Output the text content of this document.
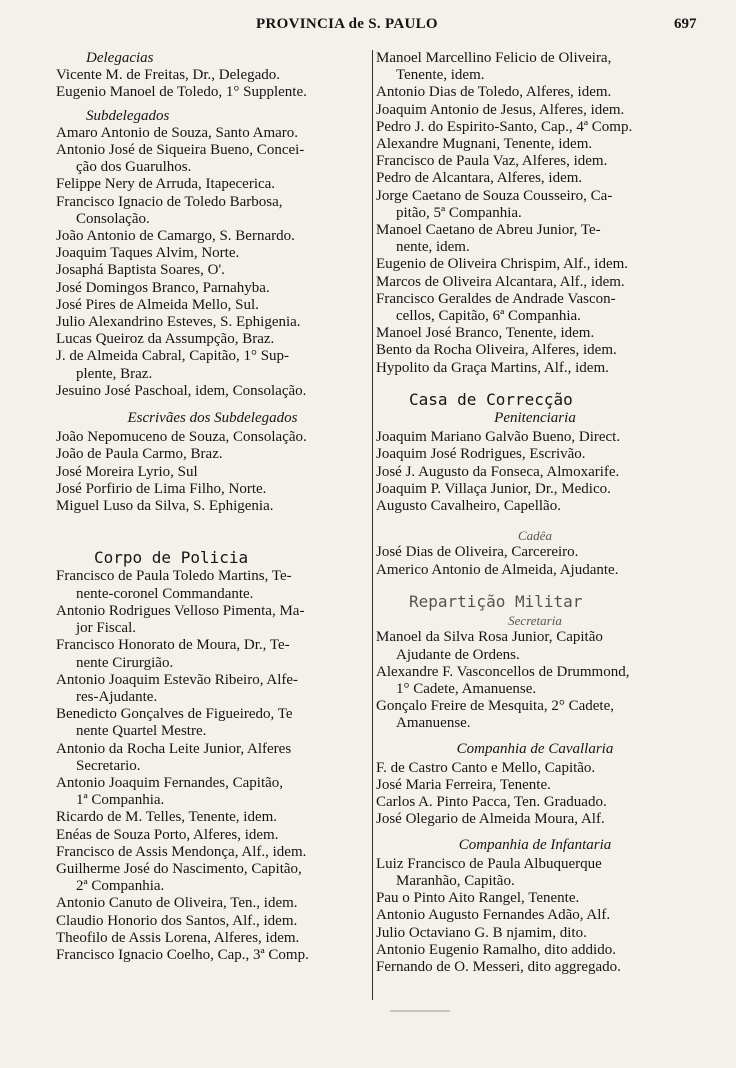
PROVINCIA de S. PAULO	697
Delegacias
Vicente M. de Freitas, Dr., Delegado.
Eugenio Manoel de Toledo, 1° Supplente.
Subdelegados
Amaro Antonio de Souza, Santo Amaro.
Antonio José de Siqueira Bueno, Concei-
ção dos Guarulhos.
Felippe Nery de Arruda, Itapecerica.
Francisco Ignacio de Toledo Barbosa,
Consolação.
João Antonio de Camargo, S. Bernardo.
Joaquim Taques Alvim, Norte.
Josaphá Baptista Soares, O'.
José Domingos Branco, Parnahyba.
José Pires de Almeida Mello, Sul.
Julio Alexandrino Esteves, S. Ephigenia.
Lucas Queiroz da Assumpção, Braz.
J. de Almeida Cabral, Capitão, 1° Sup-
plente, Braz.
Jesuino José Paschoal, idem, Consolação.
Escrivães dos Subdelegados
João Nepomuceno de Souza, Consolação.
João de Paula Carmo, Braz.
José Moreira Lyrio, Sul
José Porfirio de Lima Filho, Norte.
Miguel Luso da Silva, S. Ephigenia.
Corpo de Policia
Francisco de Paula Toledo Martins, Te-
nente-coronel Commandante.
Antonio Rodrigues Velloso Pimenta, Ma-
jor Fiscal.
Francisco Honorato de Moura, Dr., Te-
nente Cirurgião.
Antonio Joaquim Estevão Ribeiro, Alfe-
res-Ajudante.
Benedicto Gonçalves de Figueiredo, Te
nente Quartel Mestre.
Antonio da Rocha Leite Junior, Alferes
Secretario.
Antonio Joaquim Fernandes, Capitão,
1ª Companhia.
Ricardo de M. Telles, Tenente, idem.
Enéas de Souza Porto, Alferes, idem.
Francisco de Assis Mendonça, Alf., idem.
Guilherme José do Nascimento, Capitão,
2ª Companhia.
Antonio Canuto de Oliveira, Ten., idem.
Claudio Honorio dos Santos, Alf., idem.
Theofilo de Assis Lorena, Alferes, idem.
Francisco Ignacio Coelho, Cap., 3ª Comp.
Manoel Marcellino Felicio de Oliveira,
Tenente, idem.
Antonio Dias de Toledo, Alferes, idem.
Joaquim Antonio de Jesus, Alferes, idem.
Pedro J. do Espirito-Santo, Cap., 4ª Comp.
Alexandre Mugnani, Tenente, idem.
Francisco de Paula Vaz, Alferes, idem.
Pedro de Alcantara, Alferes, idem.
Jorge Caetano de Souza Cousseiro, Ca-
pitão, 5ª Companhia.
Manoel Caetano de Abreu Junior, Te-
nente, idem.
Eugenio de Oliveira Chrispim, Alf., idem.
Marcos de Oliveira Alcantara, Alf., idem.
Francisco Geraldes de Andrade Vascon-
cellos, Capitão, 6ª Companhia.
Manoel José Branco, Tenente, idem.
Bento da Rocha Oliveira, Alferes, idem.
Hypolito da Graça Martins, Alf., idem.
Casa de Correcção
Penitenciaria
Joaquim Mariano Galvão Bueno, Direct.
Joaquim José Rodrigues, Escrivão.
José J. Augusto da Fonseca, Almoxarife.
Joaquim P. Villaça Junior, Dr., Medico.
Augusto Cavalheiro, Capellão.
Cadêa
José Dias de Oliveira, Carcereiro.
Americo Antonio de Almeida, Ajudante.
Repartição Militar
Secretaria
Manoel da Silva Rosa Junior, Capitão
Ajudante de Ordens.
Alexandre F. Vasconcellos de Drummond,
1° Cadete, Amanuense.
Gonçalo Freire de Mesquita, 2° Cadete,
Amanuense.
Companhia de Cavallaria
F. de Castro Canto e Mello, Capitão.
José Maria Ferreira, Tenente.
Carlos A. Pinto Pacca, Ten. Graduado.
José Olegario de Almeida Moura, Alf.
Companhia de Infantaria
Luiz Francisco de Paula Albuquerque
Maranhão, Capitão.
Pau o Pinto Aito Rangel, Tenente.
Antonio Augusto Fernandes Adão, Alf.
Julio Octaviano G. B njamim, dito.
Antonio Eugenio Ramalho, dito addido.
Fernando de O. Messeri, dito aggregado.
